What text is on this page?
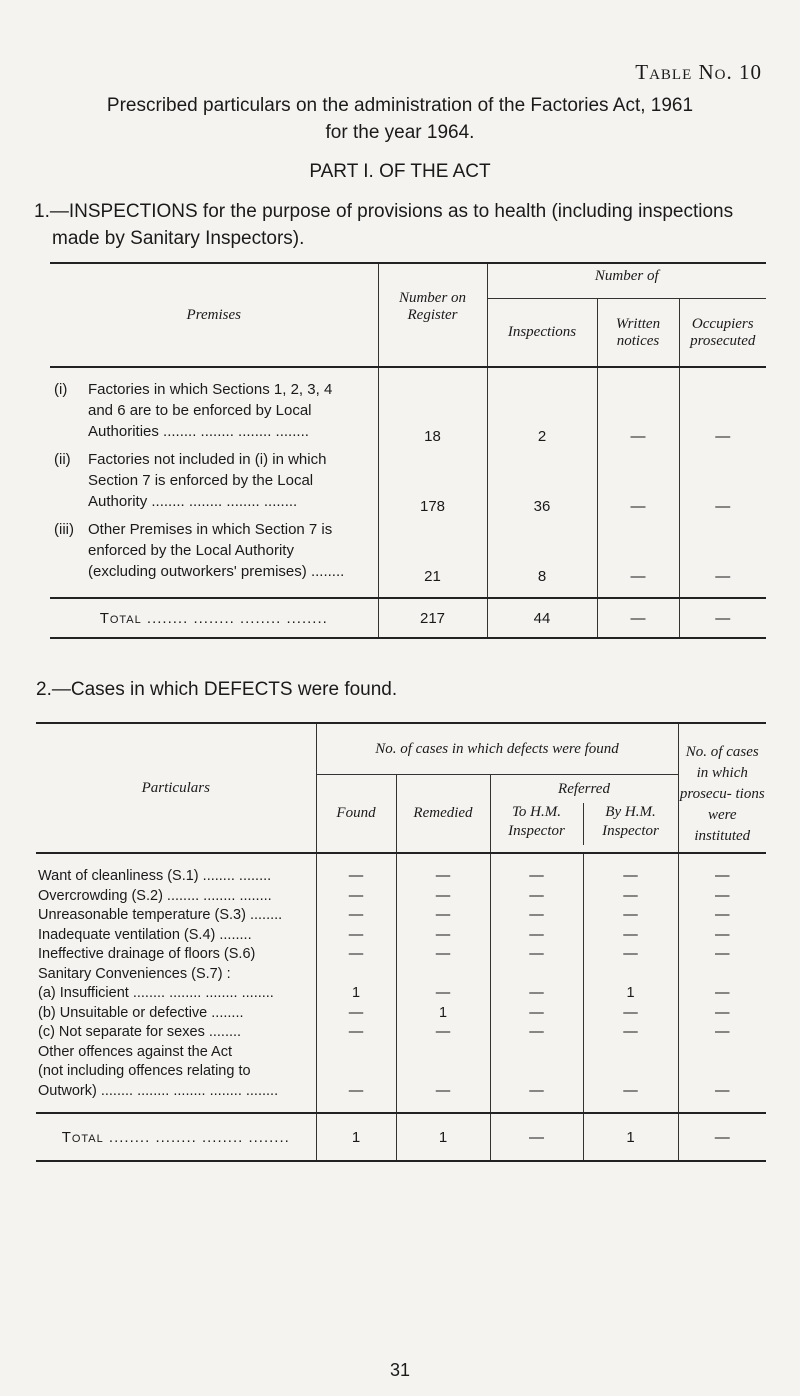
Table No. 10
Prescribed particulars on the administration of the Factories Act, 1961
for the year 1964.
PART I. OF THE ACT
1.—INSPECTIONS for the purpose of provisions as to health (including inspections
made by Sanitary Inspectors).
Premises	Number on Register	Number of		
		Inspections	Written notices	Occupiers prosecuted

(i) Factories in which Sections 1, 2, 3, 4
and 6 are to be enforced by Local
Authorities ........ ........ ........ ........	18	2	—	—

(ii) Factories not included in (i) in which
Section 7 is enforced by the Local
Authority ........ ........ ........ ........	178	36	—	—

(iii) Other Premises in which Section 7 is
enforced by the Local Authority
(excluding outworkers' premises) ........	21	8	—	—
Total ........ ........ ........ ........	217	44	—	—
2.—Cases in which DEFECTS were found.
Particulars	No. of cases in which defects were found				No. of cases in which prosecu- tions were instituted
	Found	Remedied	Referred
To H.M. Inspector
By H.M. Inspector		

Want of cleanliness (S.1) ........ ........	—	—	—	—	—
Overcrowding (S.2) ........ ........ ........	—	—	—	—	—
Unreasonable temperature (S.3) ........	—	—	—	—	—
Inadequate ventilation (S.4) ........	—	—	—	—	—
Ineffective drainage of floors (S.6)	—	—	—	—	—
Sanitary Conveniences (S.7) :					
(a) Insufficient ........ ........ ........ ........	1	—	—	1	—
(b) Unsuitable or defective ........	—	1	—	—	—
(c) Not separate for sexes ........	—	—	—	—	—
Other offences against the Act					
(not including offences relating to					
Outwork) ........ ........ ........ ........ ........	—	—	—	—	—

Total ........ ........ ........ ........	1	1	—	1	—
31
